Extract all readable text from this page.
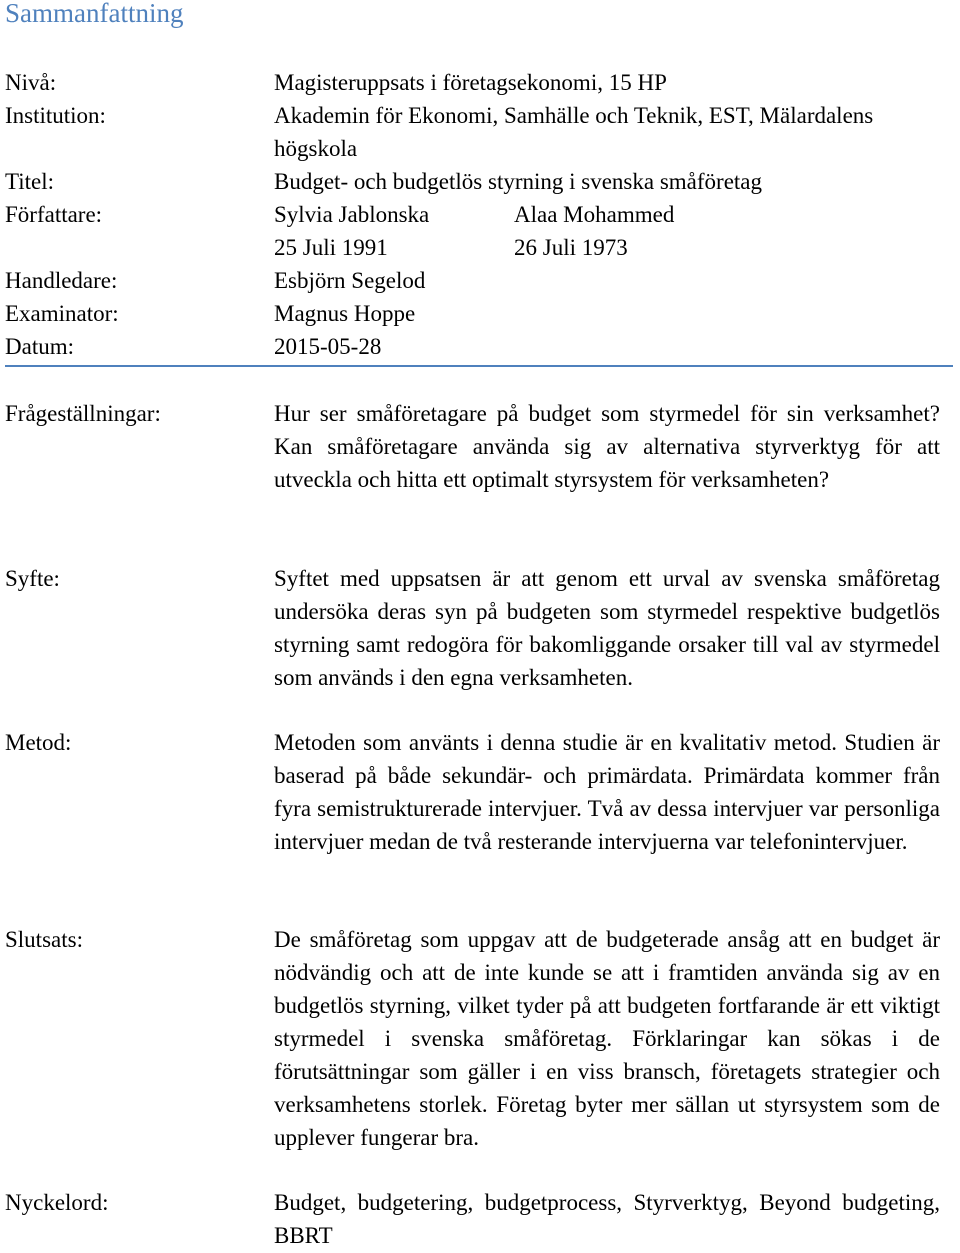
Sammanfattning
Nivå:	Magisteruppsats i företagsekonomi, 15 HP
Institution:	Akademin för Ekonomi, Samhälle och Teknik, EST, Mälardalens
högskola
Titel:	Budget- och budgetlös styrning i svenska småföretag
Författare:	Sylvia Jablonska	Alaa Mohammed
25 Juli 1991	26 Juli 1973
Handledare:	Esbjörn Segelod
Examinator:	Magnus Hoppe
Datum:	2015-05-28
Frågeställningar:	Hur ser småföretagare på budget som styrmedel för sin verksamhet? Kan småföretagare använda sig av alternativa styrverktyg för att utveckla och hitta ett optimalt styrsystem för verksamheten?
Syfte:	Syftet med uppsatsen är att genom ett urval av svenska småföretag undersöka deras syn på budgeten som styrmedel respektive budgetlös styrning samt redogöra för bakomliggande orsaker till val av styrmedel som används i den egna verksamheten.
Metod:	Metoden som använts i denna studie är en kvalitativ metod. Studien är baserad på både sekundär- och primärdata. Primärdata kommer från fyra semistrukturerade intervjuer. Två av dessa intervjuer var personliga intervjuer medan de två resterande intervjuerna var telefonintervjuer.
Slutsats:	De småföretag som uppgav att de budgeterade ansåg att en budget är nödvändig och att de inte kunde se att i framtiden använda sig av en budgetlös styrning, vilket tyder på att budgeten fortfarande är ett viktigt styrmedel i svenska småföretag. Förklaringar kan sökas i de förutsättningar som gäller i en viss bransch, företagets strategier och verksamhetens storlek. Företag byter mer sällan ut styrsystem som de upplever fungerar bra.
Nyckelord:	Budget, budgetering, budgetprocess, Styrverktyg, Beyond budgeting, BBRT
